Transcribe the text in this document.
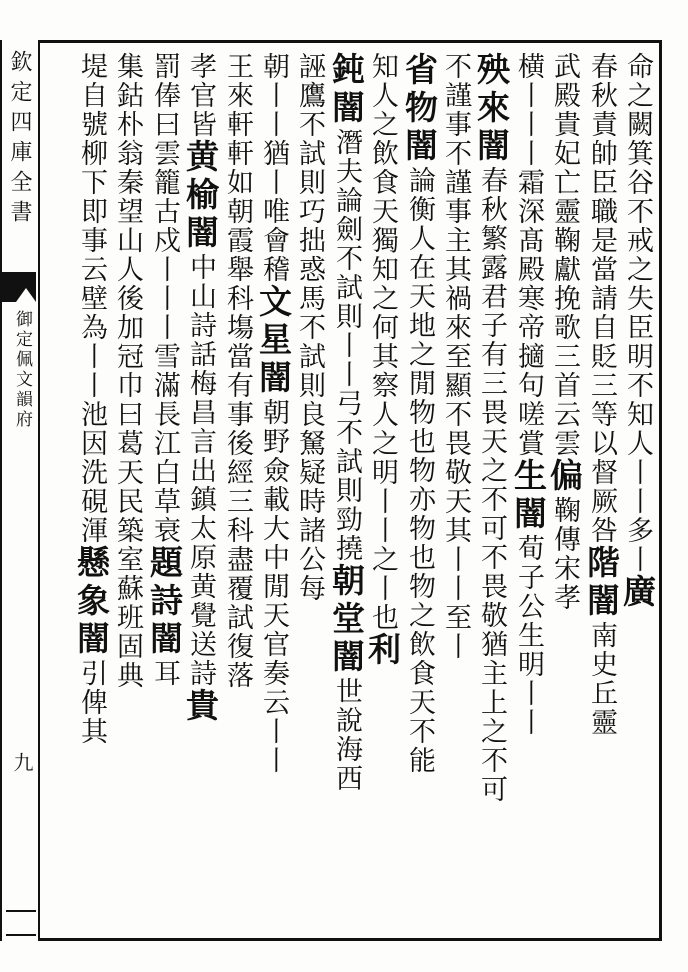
欽定四庫全書
御定佩文韻府
九
命之闕箕谷不戒之失臣明不知人丨丨多丨廣
春秋責帥臣職是當請自貶三等以督厥咎階闇南史丘靈
武殿貴妃亡靈鞠獻挽歌三首云雲偏鞠傳宋孝
横丨丨丨霜深髙殿寒帝擿句嗟賞生闇荀子公生明丨丨
殃來闇春秋繁露君子有三畏天之不可不畏敬猶主上之不可
不謹事不謹事主其禍來至顯不畏敬天其丨丨至丨
省物闇論衡人在天地之閒物也物亦物也物之飲食天不能
知人之飲食天獨知之何其察人之明丨丨之丨也利
鈍闇潛夫論劍不試則丨丨弓不試則勁撓朝堂闇世說海西
誣鷹不試則巧拙惑馬不試則良駑疑時諸公每
朝丨丨猶丨唯會稽文星闇朝野僉載大中閒天官奏云丨丨
王來軒軒如朝霞舉科塲當有事後經三科盡覆試復落
孝官皆黄榆闇中山詩話梅昌言出鎮太原黄覺送詩貴
罰俸曰雲籠古戍丨丨丨雪滿長江白草衰題詩闇耳
集鈷朴翁秦望山人後加冠巾曰葛天民築室蘇班固典
堤自號柳下即事云壁為丨丨池因洗硯渾懸象闇引俾其
